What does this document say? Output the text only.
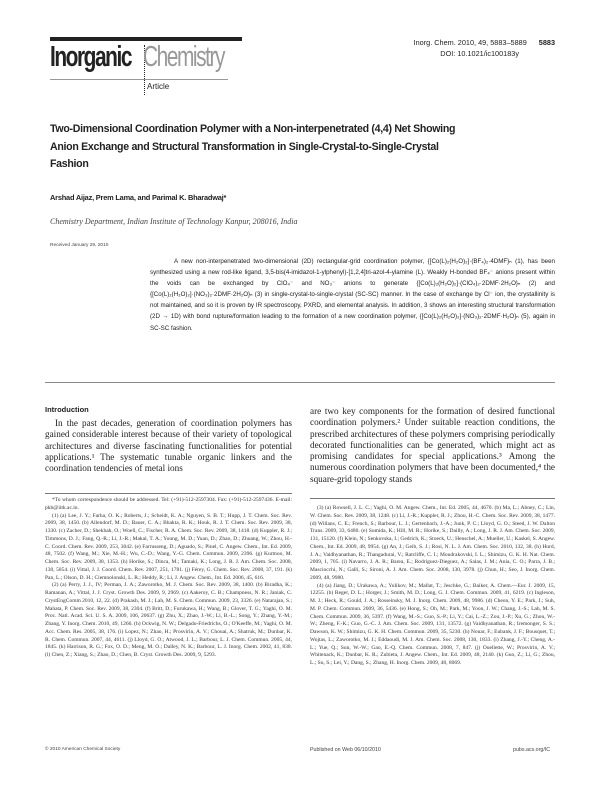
Inorganic Chemistry
Article
Inorg. Chem. 2010, 49, 5883–5889 5883
DOI: 10.1021/ic100183y
Two-Dimensional Coordination Polymer with a Non-interpenetrated (4,4) Net Showing Anion Exchange and Structural Transformation in Single-Crystal-to-Single-Crystal Fashion
Arshad Aijaz, Prem Lama, and Parimal K. Bharadwaj*
Chemistry Department, Indian Institute of Technology Kanpur, 208016, India
Received January 29, 2010
A new non-interpenetrated two-dimensional (2D) rectangular-grid coordination polymer, {[Co(L)₂(H₂O)₂]·(BF₄)₂·4DMF}ₙ (1), has been synthesized using a new rod-like ligand, 3,5-bis(4-imidazol-1-ylphenyl)-[1,2,4]tri-azol-4-ylamine (L). Weakly H-bonded BF₄⁻ anions present within the voids can be exchanged by ClO₄⁻ and NO₃⁻ anions to generate {[Co(L)₂(H₂O)₂]·(ClO₄)₂·2DMF·2H₂O}ₙ (2) and {[Co(L)₂(H₂O)₂]·(NO₃)₂·2DMF·2H₂O}ₙ (3) in single-crystal-to-single-crystal (SC-SC) manner. In the case of exchange by Cl⁻ ion, the crystallinity is not maintained, and so it is proven by IR spectroscopy, PXRD, and elemental analysis. In addition, 3 shows an interesting structural transformation (2D → 1D) with bond rupture/formation leading to the formation of a new coordination polymer, {[Co(L)₂(H₂O)₂]·(NO₃)₂·2DMF·H₂O}ₙ (5), again in SC-SC fashion.
Introduction
In the past decades, generation of coordination polymers has gained considerable interest because of their variety of topological architectures and diverse fascinating functionalities for potential applications.¹ The systematic tunable organic linkers and the coordination tendencies of metal ions
are two key components for the formation of desired functional coordination polymers.² Under suitable reaction conditions, the prescribed architectures of these polymers comprising periodically decorated functionalities can be generated, which might act as promising candidates for special applications.³ Among the numerous coordination polymers that have been documented,⁴ the square-grid topology stands

*To whom correspondence should be addressed. Tel: (+91)-512-2597304. Fax: (+91)-512-2597436. E-mail: pkb@iitk.ac.in.

(1) (a) Lee, J. Y.; Farha, O. K.; Roberts, J.; Scheidt, K. A.; Nguyen, S. B. T.; Hupp, J. T. Chem. Soc. Rev. 2009, 38, 1450. (b) Allendorf, M. D.; Bauer, C. A.; Bhakta, R. K.; Houk, R. J. T. Chem. Soc. Rev. 2009, 38, 1330. (c) Zacher, D.; Shekhah, O.; Woell, C.; Fischer, R. A. Chem. Soc. Rev. 2009, 38, 1418. (d) Kuppler, R. J.; Timmons, D. J.; Fang, Q.-R.; Li, J.-R.; Makal, T. A.; Young, M. D.; Yuan, D.; Zhao, D.; Zhuang, W.; Zhou, H.-C. Coord. Chem. Rev. 2009, 253, 3042. (e) Farrusseng, D.; Aguado, S.; Pinel, C. Angew. Chem., Int. Ed. 2009, 48, 7502. (f) Wang, M.; Xie, M.-H.; Wu, C.-D.; Wang, Y.-G. Chem. Commun. 2009, 2396. (g) Kurmoo, M. Chem. Soc. Rev. 2009, 38, 1353. (h) Horike, S.; Dinca, M.; Tamaki, K.; Long, J. R. J. Am. Chem. Soc. 2008, 130, 5854. (i) Vittal, J. J. Coord. Chem. Rev. 2007, 251, 1781. (j) Férey, G. Chem. Soc. Rev. 2008, 37, 191. (k) Pan, L.; Olson, D. H.; Ciemnolonski, L. R.; Heddy, R.; Li, J. Angew. Chem., Int. Ed. 2006, 45, 616.

(2) (a) Perry, J. J., IV; Perman, J. A.; Zaworotko, M. J. Chem. Soc. Rev. 2009, 38, 1400. (b) Biradha, K.; Ramanan, A.; Vittal, J. J. Cryst. Growth Des. 2009, 9, 2969. (c) Aakeroy, C. B.; Champness, N. R.; Janiak, C. CrystEngComm 2010, 12, 22. (d) Prakash, M. J.; Lah, M. S. Chem. Commun. 2009, 23, 3326. (e) Natarajan, S.; Mahata, P. Chem. Soc. Rev. 2009, 38, 2304. (f) Britt, D.; Furukawa, H.; Wang, B.; Glover, T. G.; Yaghi, O. M. Proc. Natl. Acad. Sci. U. S. A. 2009, 106, 20637. (g) Zhu, X.; Zhao, J.-W.; Li, B.-L.; Song, Y.; Zhang, Y.-M.; Zhang, Y. Inorg. Chem. 2010, 49, 1266. (h) Ockwig, N. W.; Delgado-Friedrichs, O.; O'Keeffe, M.; Yaghi, O. M. Acc. Chem. Res. 2005, 38, 176. (i) Lopez, N.; Zhao, H.; Prosvirin, A. V.; Chouai, A.; Shatruk, M.; Dunbar, K. R. Chem. Commun. 2007, 44, 4611. (j) Lloyd, G. O.; Atwood, J. L.; Barbour, L. J. Chem. Commun. 2005, 44, 1845. (k) Harrison, R. G.; Fox, O. D.; Meng, M. O.; Dalley, N. K.; Barbour, L. J. Inorg. Chem. 2002, 41, 838. (l) Chen, Z.; Xiang, S.; Zhao, D.; Chen, B. Cryst. Growth Des. 2009, 9, 5293.

(3) (a) Rowsell, J. L. C.; Yaghi, O. M. Angew. Chem., Int. Ed. 2005, 44, 4670. (b) Ma, L.; Abney, C.; Lin, W. Chem. Soc. Rev. 2009, 38, 1248. (c) Li, J.-R.; Kuppler, R. J.; Zhou, H.-C. Chem. Soc. Rev. 2009, 38, 1477. (d) Willans, C. E.; French, S.; Barbour, L. J.; Gertenbach, J.-A.; Junk, P. C.; Lloyd, G. O.; Steed, J. W. Dalton Trans. 2009, 33, 6480. (e) Sumida, K.; Hill, M. R.; Horike, S.; Dailly, A.; Long, J. R. J. Am. Chem. Soc. 2009, 131, 15120. (f) Klein, N.; Senkovska, I.; Gedrich, K.; Stoeck, U.; Henschel, A.; Mueller, U.; Kaskel, S. Angew. Chem., Int. Ed. 2009, 48, 9954. (g) An, J.; Geib, S. J.; Rosi, N. L. J. Am. Chem. Soc. 2010, 132, 38. (h) Hurd, J. A.; Vaidhyanathan, R.; Thangadurai, V.; Ratcliffe, C. I.; Moudrakovski, I. L.; Shimizu, G. K. H. Nat. Chem. 2009, 1, 705. (i) Navarro, J. A. R.; Barea, E.; Rodriguez-Dieguez, A.; Salas, J. M.; Ania, C. O.; Parra, J. B.; Masciocchi, N.; Galli, S.; Sironi, A. J. Am. Chem. Soc. 2008, 130, 3978. (j) Chun, H.; Seo, J. Inorg. Chem. 2009, 48, 9980.

(4) (a) Jiang, D.; Urakawa, A.; Yulikov, M.; Mallat, T.; Jeschke, G.; Baiker, A. Chem.—Eur. J. 2009, 15, 12255. (b) Reger, D. L.; Horger, J.; Smith, M. D.; Long, G. J. Chem. Commun. 2009, 41, 6219. (c) Ingleson, M. J.; Heck, R.; Gould, J. A.; Rosseinsky, M. J. Inorg. Chem. 2009, 48, 9986. (d) Cheon, Y. E.; Park, J.; Suh, M. P. Chem. Commun. 2009, 36, 5436. (e) Hong, S.; Oh, M.; Park, M.; Yoon, J. W.; Chang, J.-S.; Lah, M. S. Chem. Commun. 2009, 36, 5397. (f) Wang, M.-S.; Guo, S.-P.; Li, Y.; Cai, L.-Z.; Zou, J.-P.; Xu, G.; Zhou, W.-W.; Zheng, F.-K.; Guo, G.-C. J. Am. Chem. Soc. 2009, 131, 13572. (g) Vaidhyanathan, R.; Iremonger, S. S.; Dawson, K. W.; Shimizu, G. K. H. Chem. Commun. 2009, 35, 5230. (h) Nouar, F.; Eubank, J. F.; Bousquet, T.; Wojtas, L.; Zaworotko, M. J.; Eddaoudi, M. J. Am. Chem. Soc. 2008, 130, 1833. (i) Zhang, J.-Y.; Cheng, A.-L.; Yue, Q.; Sun, W.-W.; Gao, E.-Q. Chem. Commun. 2008, 7, 847. (j) Ouellette, W.; Prosvirin, A. V.; Whitenack, K.; Dunbar, K. R.; Zubieta, J. Angew. Chem., Int. Ed. 2009, 48, 2140. (k) Guo, Z.; Li, G.; Zhou, L.; Su, S.; Lei, Y.; Dang, S.; Zhang, H. Inorg. Chem. 2009, 48, 8069.

© 2010 American Chemical Society	Published on Web 06/10/2010	pubs.acs.org/IC
